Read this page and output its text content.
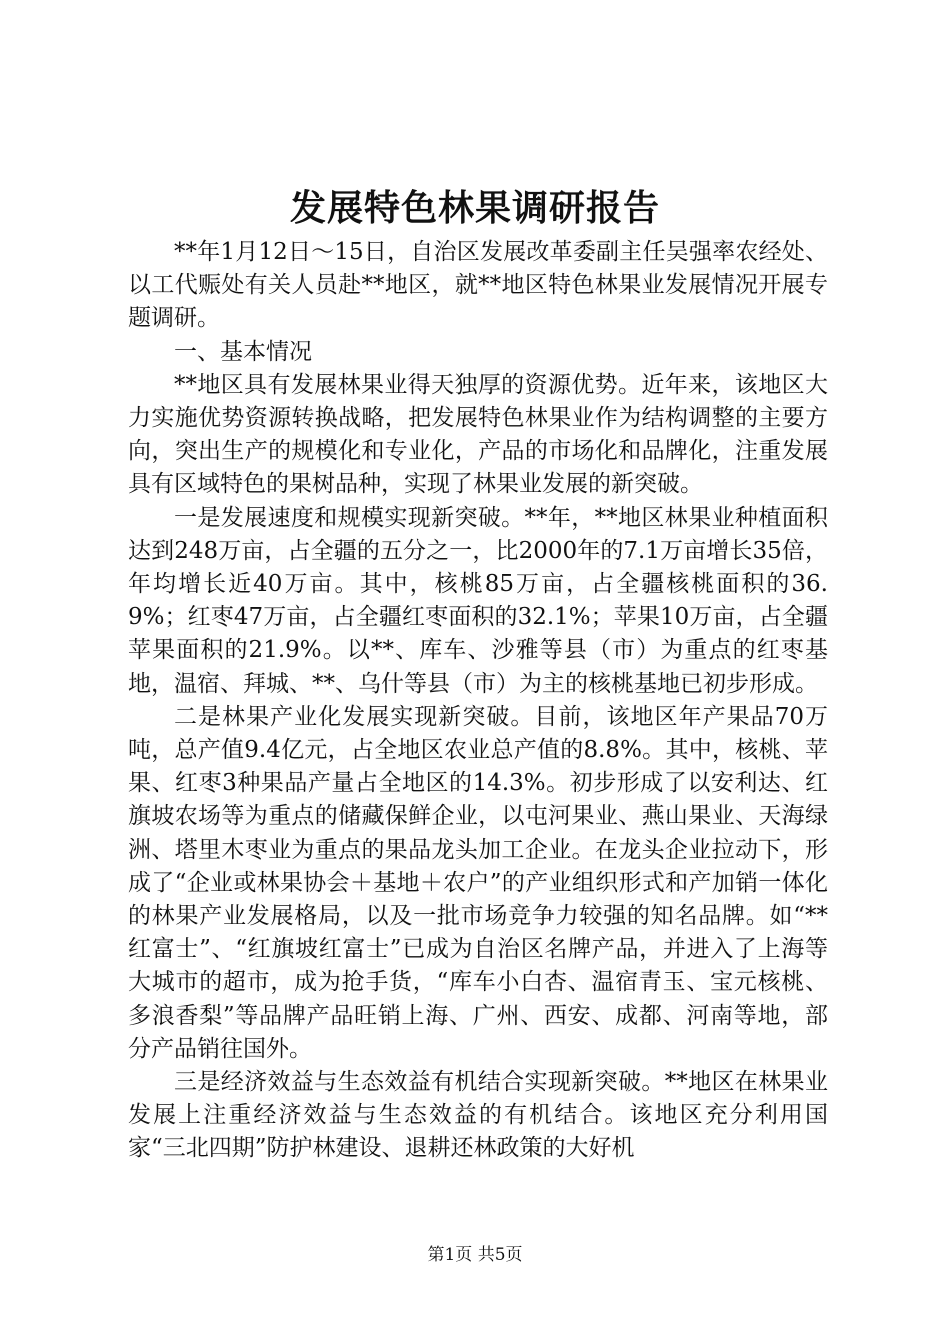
发展特色林果调研报告

**年1月12日～15日，自治区发展改革委副主任吴强率农经处、以工代赈处有关人员赴**地区，就**地区特色林果业发展情况开展专题调研。

一、基本情况

**地区具有发展林果业得天独厚的资源优势。近年来，该地区大力实施优势资源转换战略，把发展特色林果业作为结构调整的主要方向，突出生产的规模化和专业化，产品的市场化和品牌化，注重发展具有区域特色的果树品种，实现了林果业发展的新突破。

一是发展速度和规模实现新突破。**年，**地区林果业种植面积达到248万亩，占全疆的五分之一，比2000年的7.1万亩增长35倍，年均增长近40万亩。其中，核桃85万亩，占全疆核桃面积的36.9%；红枣47万亩，占全疆红枣面积的32.1%；苹果10万亩，占全疆苹果面积的21.9%。以**、库车、沙雅等县（市）为重点的红枣基地，温宿、拜城、**、乌什等县（市）为主的核桃基地已初步形成。

二是林果产业化发展实现新突破。目前，该地区年产果品70万吨，总产值9.4亿元，占全地区农业总产值的8.8%。其中，核桃、苹果、红枣3种果品产量占全地区的14.3%。初步形成了以安利达、红旗坡农场等为重点的储藏保鲜企业，以屯河果业、燕山果业、天海绿洲、塔里木枣业为重点的果品龙头加工企业。在龙头企业拉动下，形成了“企业或林果协会＋基地＋农户”的产业组织形式和产加销一体化的林果产业发展格局，以及一批市场竞争力较强的知名品牌。如“**红富士”、“红旗坡红富士”已成为自治区名牌产品，并进入了上海等大城市的超市，成为抢手货，“库车小白杏、温宿青玉、宝元核桃、多浪香梨”等品牌产品旺销上海、广州、西安、成都、河南等地，部分产品销往国外。

三是经济效益与生态效益有机结合实现新突破。**地区在林果业发展上注重经济效益与生态效益的有机结合。该地区充分利用国家“三北四期”防护林建设、退耕还林政策的大好机

第1页 共5页
